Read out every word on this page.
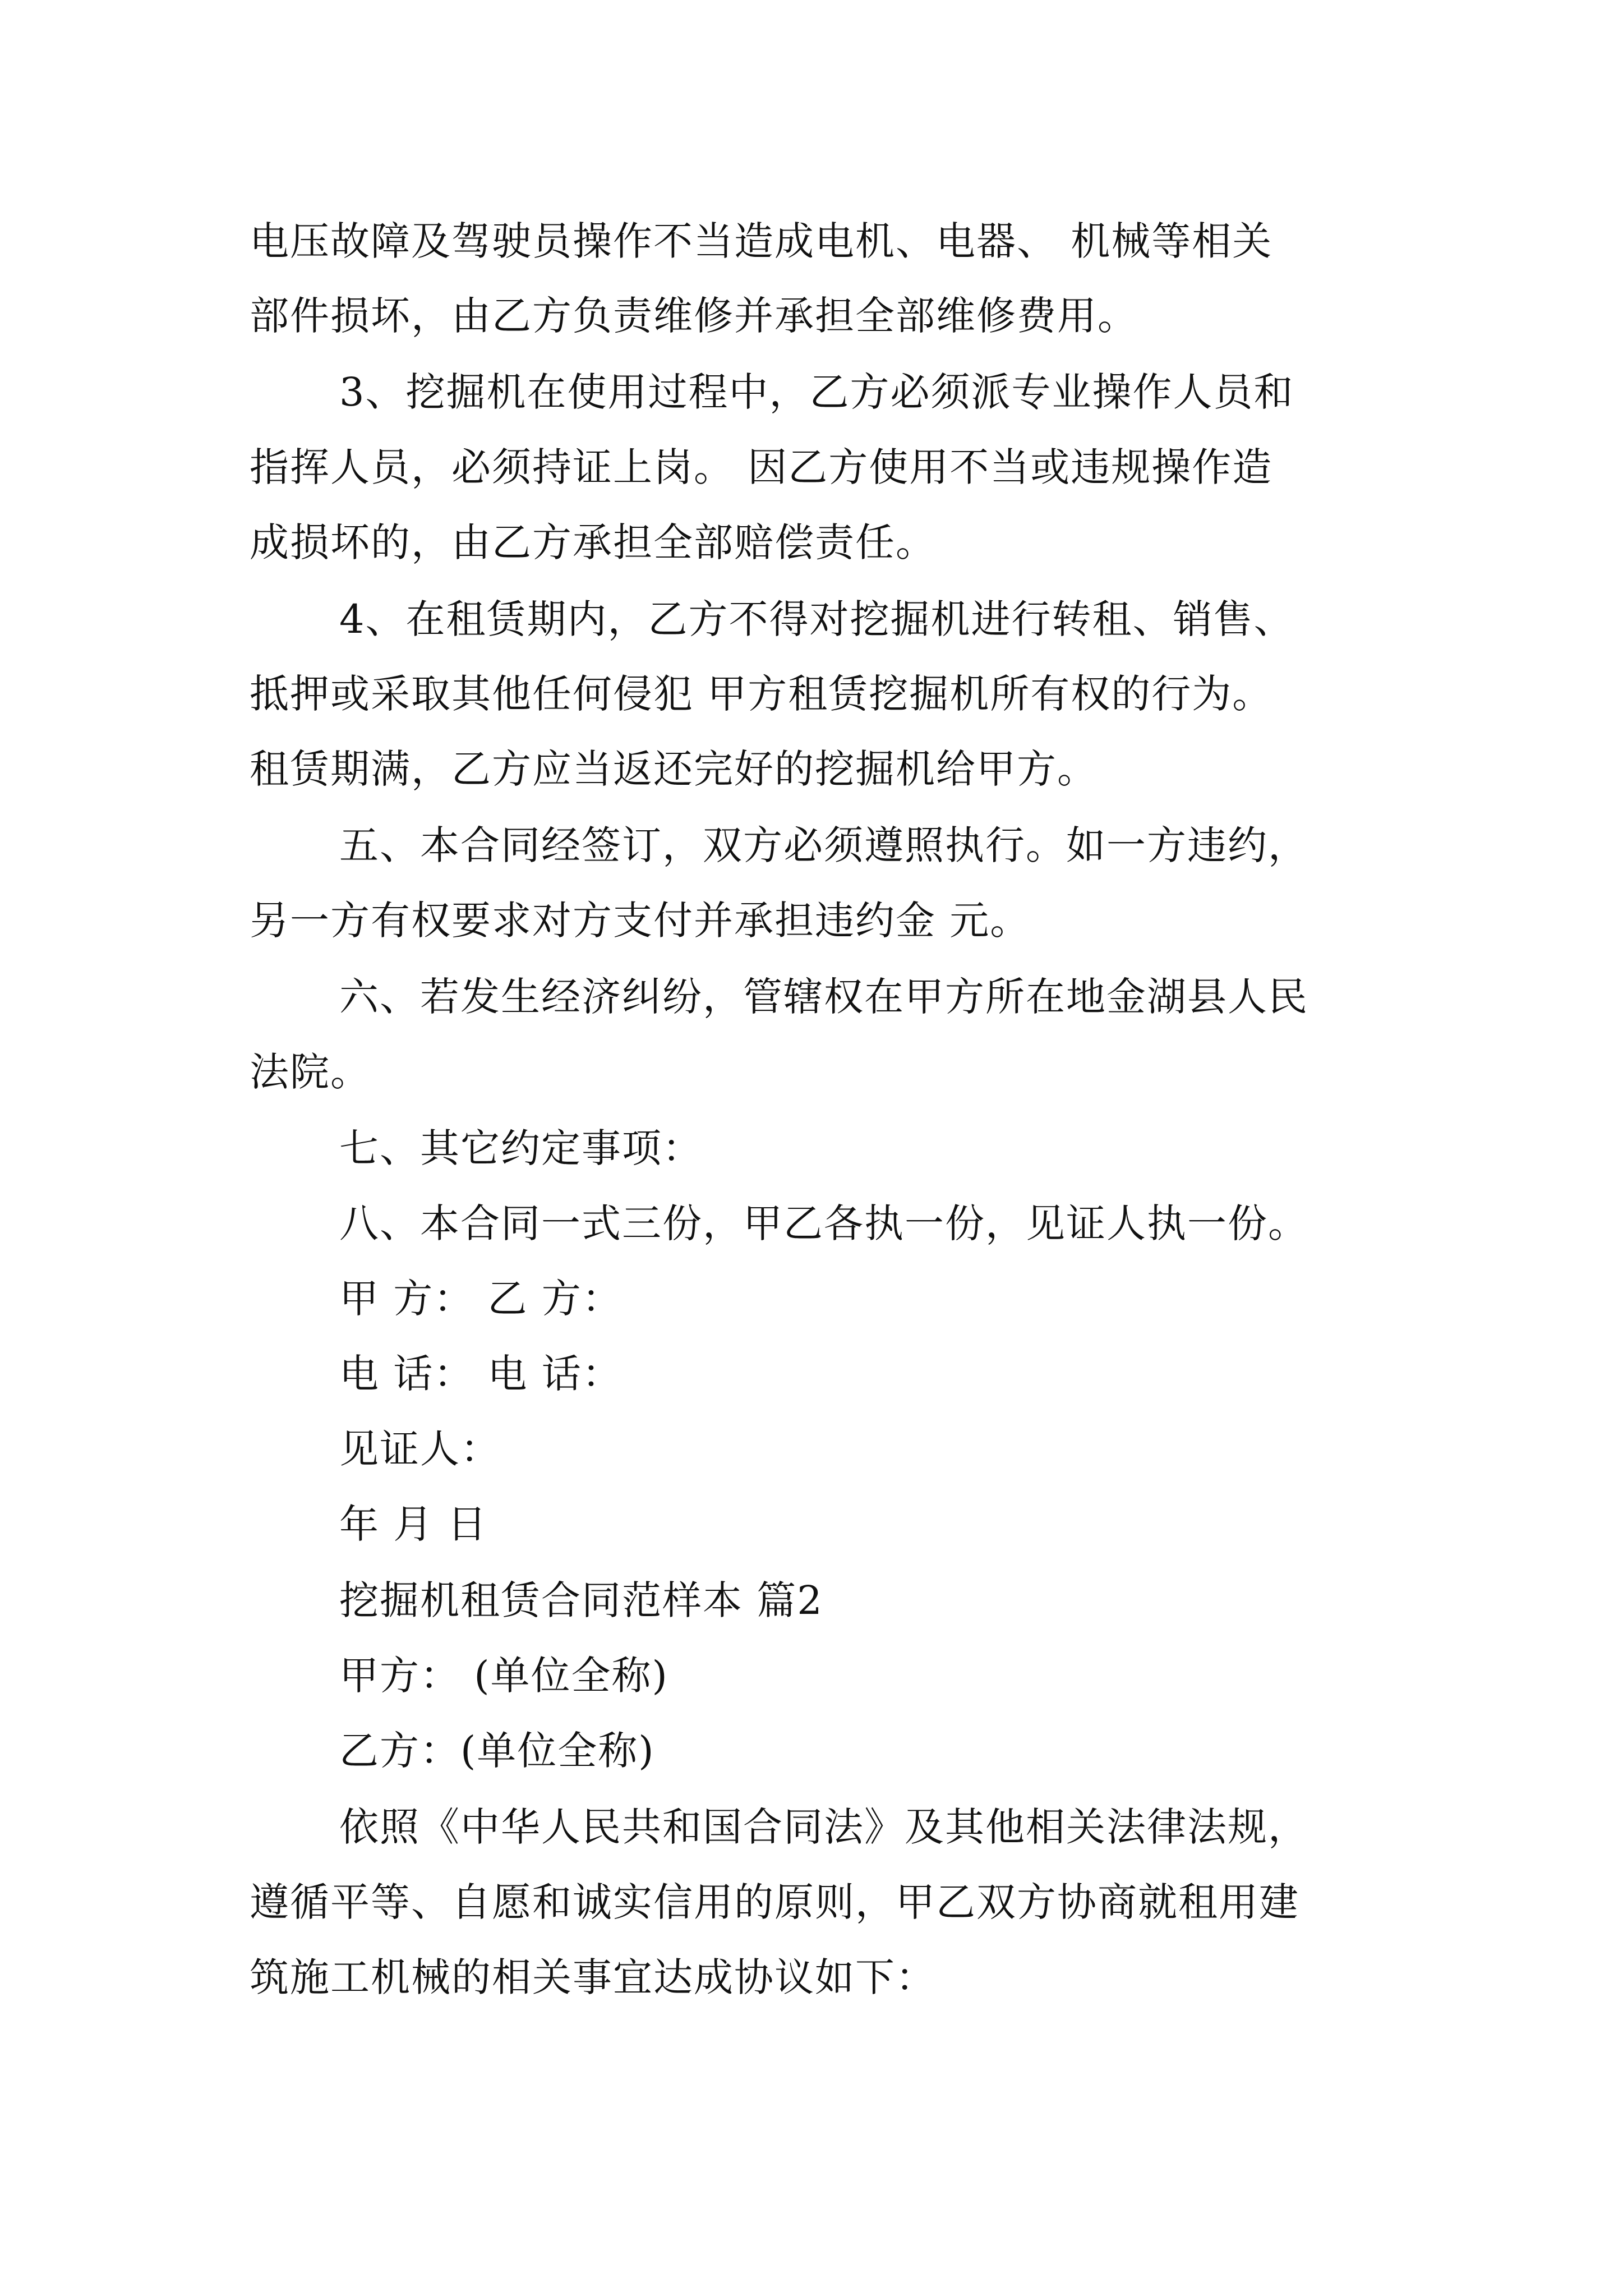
电压故障及驾驶员操作不当造成电机、电器、 机械等相关
部件损坏，由乙方负责维修并承担全部维修费用。
3、挖掘机在使用过程中，乙方必须派专业操作人员和
指挥人员，必须持证上岗。 因乙方使用不当或违规操作造
成损坏的，由乙方承担全部赔偿责任。
4、在租赁期内，乙方不得对挖掘机进行转租、销售、
抵押或采取其他任何侵犯 甲方租赁挖掘机所有权的行为。
租赁期满，乙方应当返还完好的挖掘机给甲方。
五、本合同经签订，双方必须遵照执行。如一方违约，
另一方有权要求对方支付并承担违约金 元。
六、若发生经济纠纷，管辖权在甲方所在地金湖县人民
法院。
七、其它约定事项：
八、本合同一式三份，甲乙各执一份，见证人执一份。
甲 方： 乙 方：
电 话： 电 话：
见证人：
年 月 日
挖掘机租赁合同范样本 篇2
甲方： (单位全称)
乙方：(单位全称)
依照《中华人民共和国合同法》及其他相关法律法规，
遵循平等、自愿和诚实信用的原则，甲乙双方协商就租用建
筑施工机械的相关事宜达成协议如下：
